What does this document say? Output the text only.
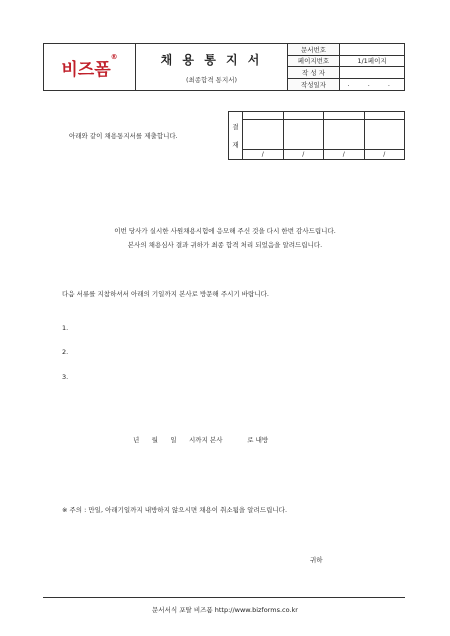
비즈폼®	채 용 통 지 서
(최종합격 통지서)
문서번호
페이지번호	1/1페이지
작 성 자
작성일자	. . .
아래와 같이 채용통지서를 제출합니다.
결
재
/	/	/	/
이번 당사가 실시한 사원채용시험에 응모해 주신 것을 다시 한번 감사드립니다.
본사의 채용심사 결과 귀하가 최종 합격 처리 되었음을 알려드립니다.
다음 서류를 지참하셔서 아래의 기일까지 본사로 방문해 주시기 바랍니다.
1.
2.
3.
년      월      일      시까지 본사            로 내방
※ 주의 : 만일, 아래기일까지 내방하지 않으시면 채용이 취소됨을 알려드립니다.
귀하
문서서식 포탈 비즈폼 http://www.bizforms.co.kr
